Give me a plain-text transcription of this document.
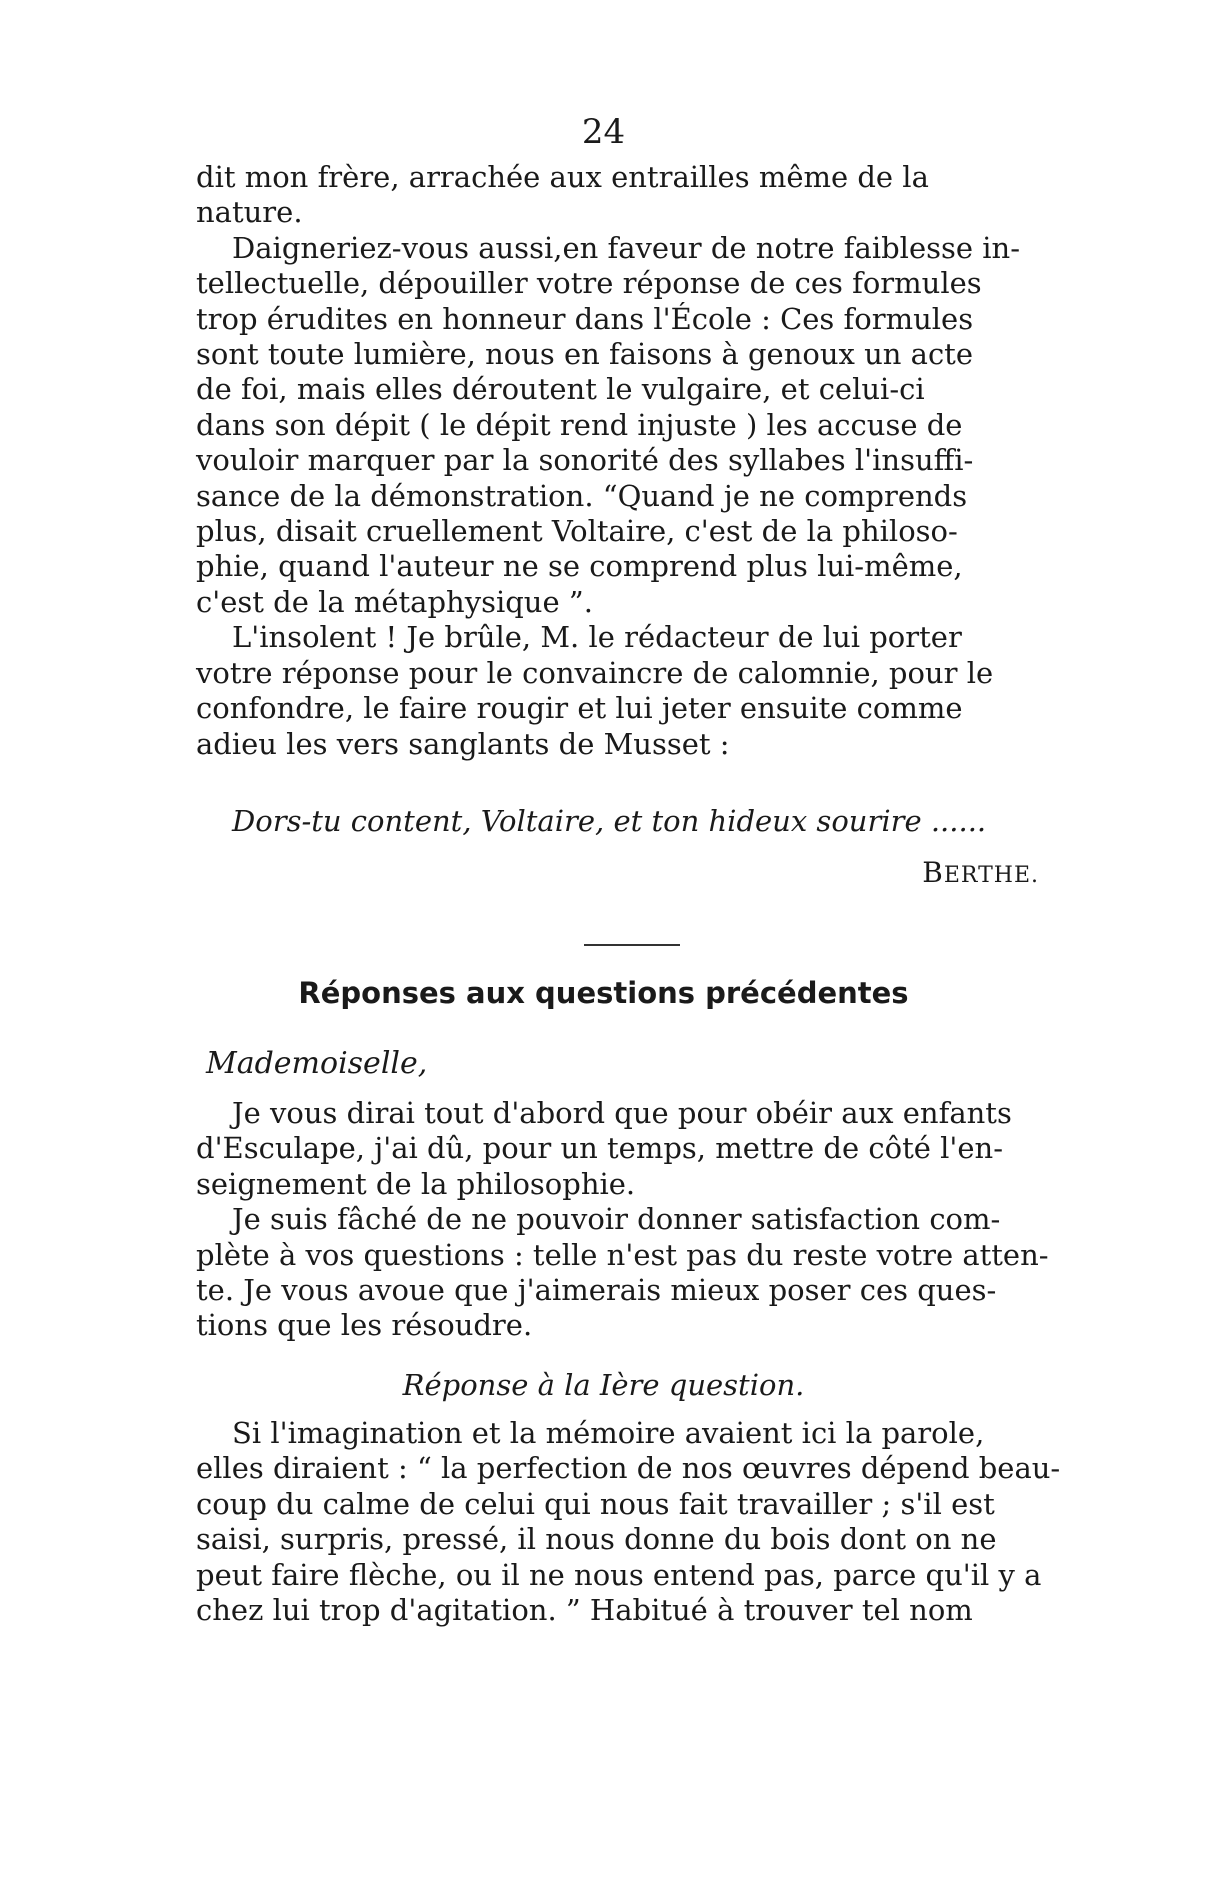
24

dit mon frère, arrachée aux entrailles même de la
nature.

Daigneriez-vous aussi,en faveur de notre faiblesse in-
tellectuelle, dépouiller votre réponse de ces formules
trop érudites en honneur dans l'École : Ces formules
sont toute lumière, nous en faisons à genoux un acte
de foi, mais elles déroutent le vulgaire, et celui-ci
dans son dépit ( le dépit rend injuste ) les accuse de
vouloir marquer par la sonorité des syllabes l'insuffi-
sance de la démonstration. “Quand je ne comprends
plus, disait cruellement Voltaire, c'est de la philoso-
phie, quand l'auteur ne se comprend plus lui-même,
c'est de la métaphysique ”.

L'insolent ! Je brûle, M. le rédacteur de lui porter
votre réponse pour le convaincre de calomnie, pour le
confondre, le faire rougir et lui jeter ensuite comme
adieu les vers sanglants de Musset :

Dors-tu content, Voltaire, et ton hideux sourire ......
BERTHE.
Réponses aux questions précédentes
Mademoiselle,

Je vous dirai tout d'abord que pour obéir aux enfants
d'Esculape, j'ai dû, pour un temps, mettre de côté l'en-
seignement de la philosophie.

Je suis fâché de ne pouvoir donner satisfaction com-
plète à vos questions : telle n'est pas du reste votre atten-
te. Je vous avoue que j'aimerais mieux poser ces ques-
tions que les résoudre.

Réponse à la Ière question.

Si l'imagination et la mémoire avaient ici la parole,
elles diraient : “ la perfection de nos œuvres dépend beau-
coup du calme de celui qui nous fait travailler ; s'il est
saisi, surpris, pressé, il nous donne du bois dont on ne
peut faire flèche, ou il ne nous entend pas, parce qu'il y a
chez lui trop d'agitation. ” Habitué à trouver tel nom
